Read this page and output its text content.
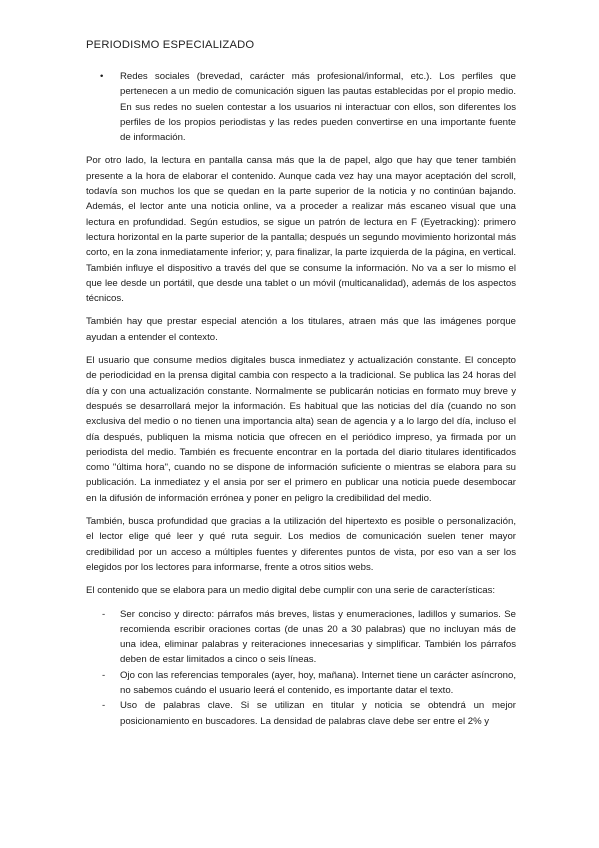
PERIODISMO ESPECIALIZADO
•	Redes sociales (brevedad, carácter más profesional/informal, etc.). Los perfiles que pertenecen a un medio de comunicación siguen las pautas establecidas por el propio medio. En sus redes no suelen contestar a los usuarios ni interactuar con ellos, son diferentes los perfiles de los propios periodistas y las redes pueden convertirse en una importante fuente de información.

Por otro lado, la lectura en pantalla cansa más que la de papel, algo que hay que tener también presente a la hora de elaborar el contenido. Aunque cada vez hay una mayor aceptación del scroll, todavía son muchos los que se quedan en la parte superior de la noticia y no continúan bajando. Además, el lector ante una noticia online, va a proceder a realizar más escaneo visual que una lectura en profundidad. Según estudios, se sigue un patrón de lectura en F (Eyetracking): primero lectura horizontal en la parte superior de la pantalla; después un segundo movimiento horizontal más corto, en la zona inmediatamente inferior; y, para finalizar, la parte izquierda de la página, en vertical. También influye el dispositivo a través del que se consume la información. No va a ser lo mismo el que lee desde un portátil, que desde una tablet o un móvil (multicanalidad), además de los aspectos técnicos.

También hay que prestar especial atención a los titulares, atraen más que las imágenes porque ayudan a entender el contexto.

El usuario que consume medios digitales busca inmediatez y actualización constante. El concepto de periodicidad en la prensa digital cambia con respecto a la tradicional. Se publica las 24 horas del día y con una actualización constante. Normalmente se publicarán noticias en formato muy breve y después se desarrollará mejor la información. Es habitual que las noticias del día (cuando no son exclusiva del medio o no tienen una importancia alta) sean de agencia y a lo largo del día, incluso el día después, publiquen la misma noticia que ofrecen en el periódico impreso, ya firmada por un periodista del medio. También es frecuente encontrar en la portada del diario titulares identificados como "última hora", cuando no se dispone de información suficiente o mientras se elabora para su publicación. La inmediatez y el ansia por ser el primero en publicar una noticia puede desembocar en la difusión de información errónea y poner en peligro la credibilidad del medio.

También, busca profundidad que gracias a la utilización del hipertexto es posible o personalización, el lector elige qué leer y qué ruta seguir. Los medios de comunicación suelen tener mayor credibilidad por un acceso a múltiples fuentes y diferentes puntos de vista, por eso van a ser los elegidos por los lectores para informarse, frente a otros sitios webs.

El contenido que se elabora para un medio digital debe cumplir con una serie de características:

-	Ser conciso y directo: párrafos más breves, listas y enumeraciones, ladillos y sumarios. Se recomienda escribir oraciones cortas (de unas 20 a 30 palabras) que no incluyan más de una idea, eliminar palabras y reiteraciones innecesarias y simplificar. También los párrafos deben de estar limitados a cinco o seis líneas.
-	Ojo con las referencias temporales (ayer, hoy, mañana). Internet tiene un carácter asíncrono, no sabemos cuándo el usuario leerá el contenido, es importante datar el texto.
-	Uso de palabras clave. Si se utilizan en titular y noticia se obtendrá un mejor posicionamiento en buscadores. La densidad de palabras clave debe ser entre el 2% y
